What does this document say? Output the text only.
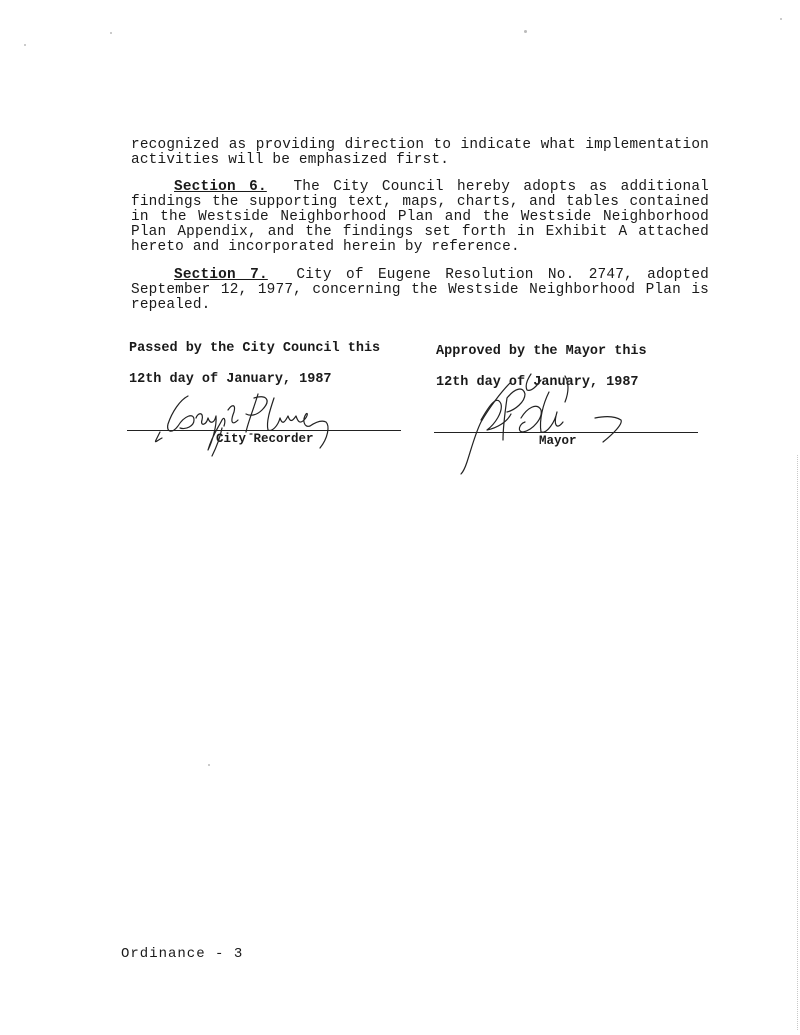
recognized as providing direction to indicate what implementation activities will be emphasized first.
Section 6. The City Council hereby adopts as additional findings the supporting text, maps, charts, and tables contained in the Westside Neighborhood Plan and the Westside Neighborhood Plan Appendix, and the findings set forth in Exhibit A attached hereto and incorporated herein by reference.
Section 7. City of Eugene Resolution No. 2747, adopted September 12, 1977, concerning the Westside Neighborhood Plan is repealed.
Passed by the City Council this
12th day of January, 1987
City Recorder
Approved by the Mayor this
12th day of January, 1987
Mayor
Ordinance - 3
